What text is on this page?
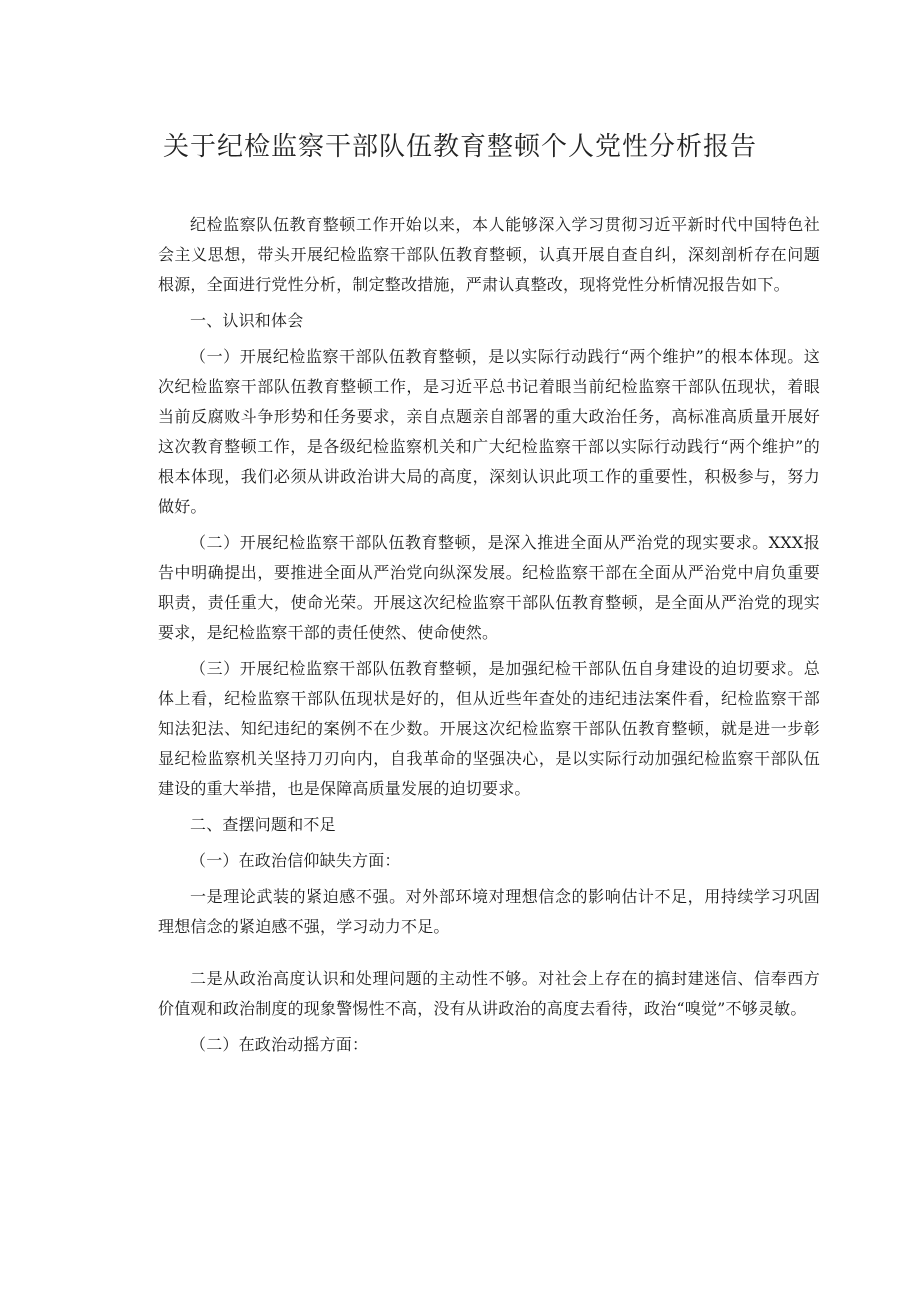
关于纪检监察干部队伍教育整顿个人党性分析报告

纪检监察队伍教育整顿工作开始以来，本人能够深入学习贯彻习近平新时代中国特色社会主义思想，带头开展纪检监察干部队伍教育整顿，认真开展自查自纠，深刻剖析存在问题根源，全面进行党性分析，制定整改措施，严肃认真整改，现将党性分析情况报告如下。

一、认识和体会

（一）开展纪检监察干部队伍教育整顿，是以实际行动践行“两个维护”的根本体现。这次纪检监察干部队伍教育整顿工作，是习近平总书记着眼当前纪检监察干部队伍现状，着眼当前反腐败斗争形势和任务要求，亲自点题亲自部署的重大政治任务，高标准高质量开展好这次教育整顿工作，是各级纪检监察机关和广大纪检监察干部以实际行动践行“两个维护”的根本体现，我们必须从讲政治讲大局的高度，深刻认识此项工作的重要性，积极参与，努力做好。

（二）开展纪检监察干部队伍教育整顿，是深入推进全面从严治党的现实要求。XXX报告中明确提出，要推进全面从严治党向纵深发展。纪检监察干部在全面从严治党中肩负重要职责，责任重大，使命光荣。开展这次纪检监察干部队伍教育整顿，是全面从严治党的现实要求，是纪检监察干部的责任使然、使命使然。

（三）开展纪检监察干部队伍教育整顿，是加强纪检干部队伍自身建设的迫切要求。总体上看，纪检监察干部队伍现状是好的，但从近些年查处的违纪违法案件看，纪检监察干部知法犯法、知纪违纪的案例不在少数。开展这次纪检监察干部队伍教育整顿，就是进一步彰显纪检监察机关坚持刀刃向内，自我革命的坚强决心，是以实际行动加强纪检监察干部队伍建设的重大举措，也是保障高质量发展的迫切要求。

二、查摆问题和不足

（一）在政治信仰缺失方面：

一是理论武装的紧迫感不强。对外部环境对理想信念的影响估计不足，用持续学习巩固理想信念的紧迫感不强，学习动力不足。

二是从政治高度认识和处理问题的主动性不够。对社会上存在的搞封建迷信、信奉西方价值观和政治制度的现象警惕性不高，没有从讲政治的高度去看待，政治“嗅觉”不够灵敏。

（二）在政治动摇方面：
